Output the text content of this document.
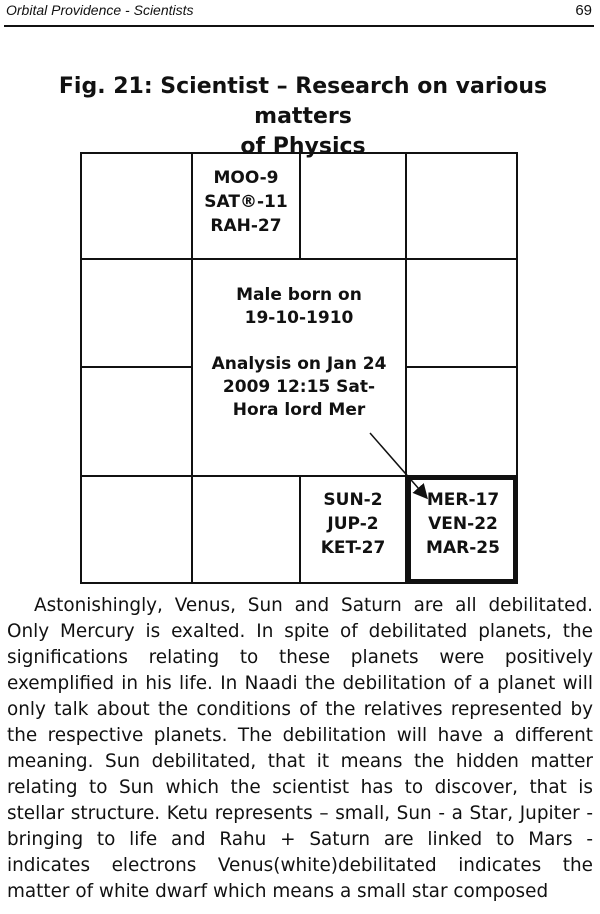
Orbital Providence - Scientists	69
Fig. 21: Scientist – Research on various matters
of Physics
MOO-9
SAT®-11
RAH-27
Male born on
19-10-1910
Analysis on Jan 24
2009 12:15 Sat-
Hora lord Mer
SUN-2
JUP-2
KET-27
MER-17
VEN-22
MAR-25

Astonishingly, Venus, Sun and Saturn are all debilitated. Only Mercury is exalted. In spite of debilitated planets, the significations relating to these planets were positively exemplified in his life. In Naadi the debilitation of a planet will only talk about the conditions of the relatives represented by the respective planets. The debilitation will have a different meaning. Sun debilitated, that it means the hidden matter relating to Sun which the scientist has to discover, that is stellar structure. Ketu represents – small, Sun - a Star, Jupiter - bringing to life and Rahu + Saturn are linked to Mars - indicates electrons Venus(white)debilitated indicates the matter of white dwarf which means a small star composed
